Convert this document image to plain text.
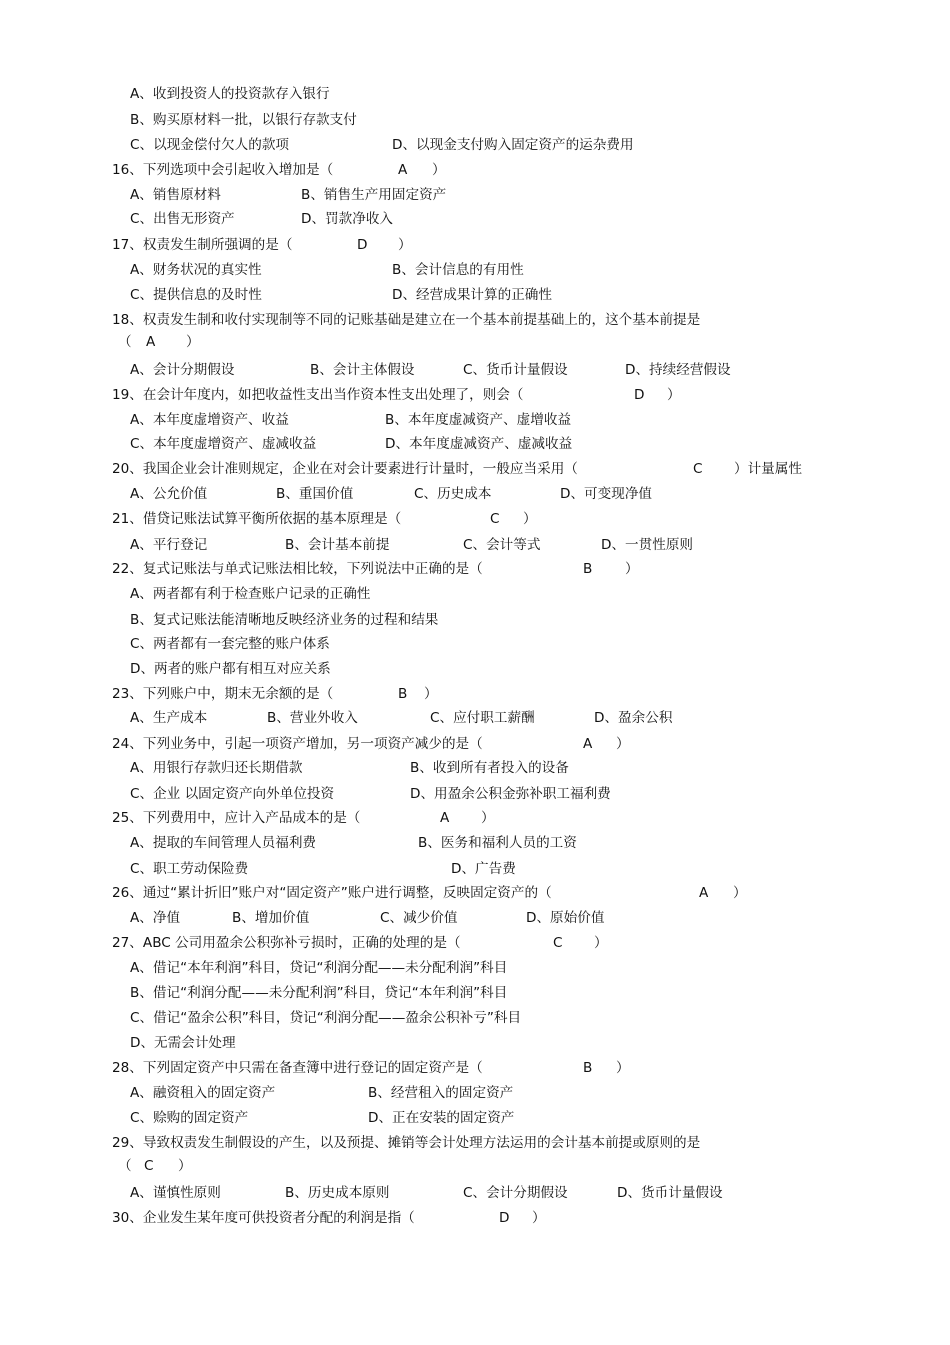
A、收到投资人的投资款存入银行
B、购买原材料一批，以银行存款支付
C、以现金偿付欠人的款项	D、以现金支付购入固定资产的运杂费用
16、下列选项中会引起收入增加是（	A ）
A、销售原材料	B、销售生产用固定资产
C、出售无形资产	D、罚款净收入
17、权责发生制所强调的是（	D ）
A、财务状况的真实性	B、会计信息的有用性
C、提供信息的及时性	D、经营成果计算的正确性
18、权责发生制和收付实现制等不同的记账基础是建立在一个基本前提基础上的，这个基本前提是
（ A ）
A、会计分期假设	B、会计主体假设	C、货币计量假设	D、持续经营假设
19、在会计年度内，如把收益性支出当作资本性支出处理了，则会（	D ）
A、本年度虚增资产、收益	B、本年度虚减资产、虚增收益
C、本年度虚增资产、虚减收益	D、本年度虚减资产、虚减收益
20、我国企业会计准则规定，企业在对会计要素进行计量时，一般应当采用（	C ）计量属性
A、公允价值	B、重国价值	C、历史成本	D、可变现净值
21、借贷记账法试算平衡所依据的基本原理是（	C ）
A、平行登记	B、会计基本前提	C、会计等式	D、一贯性原则
22、复式记账法与单式记账法相比较，下列说法中正确的是（	B ）
A、两者都有利于检查账户记录的正确性
B、复式记账法能清晰地反映经济业务的过程和结果
C、两者都有一套完整的账户体系
D、两者的账户都有相互对应关系
23、下列账户中，期末无余额的是（	B ）
A、生产成本	B、营业外收入	C、应付职工薪酬	D、盈余公积
24、下列业务中，引起一项资产增加，另一项资产减少的是（	A ）
A、用银行存款归还长期借款	B、收到所有者投入的设备
C、企业 以固定资产向外单位投资	D、用盈余公积金弥补职工福利费
25、下列费用中，应计入产品成本的是（	A ）
A、提取的车间管理人员福利费	B、医务和福利人员的工资
C、职工劳动保险费	D、广告费
26、通过“累计折旧”账户对“固定资产”账户进行调整，反映固定资产的（	A ）
A、净值	B、增加价值	C、减少价值	D、原始价值
27、ABC 公司用盈余公积弥补亏损时，正确的处理的是（	C ）
A、借记“本年利润”科目，贷记“利润分配——未分配利润”科目
B、借记“利润分配——未分配利润”科目，贷记“本年利润”科目
C、借记“盈余公积”科目，贷记“利润分配——盈余公积补亏”科目
D、无需会计处理
28、下列固定资产中只需在备查簿中进行登记的固定资产是（	B ）
A、融资租入的固定资产	B、经营租入的固定资产
C、赊购的固定资产	D、正在安装的固定资产
29、导致权责发生制假设的产生，以及预提、摊销等会计处理方法运用的会计基本前提或原则的是
（ C ）
A、谨慎性原则	B、历史成本原则	C、会计分期假设	D、货币计量假设
30、企业发生某年度可供投资者分配的利润是指（	D ）
